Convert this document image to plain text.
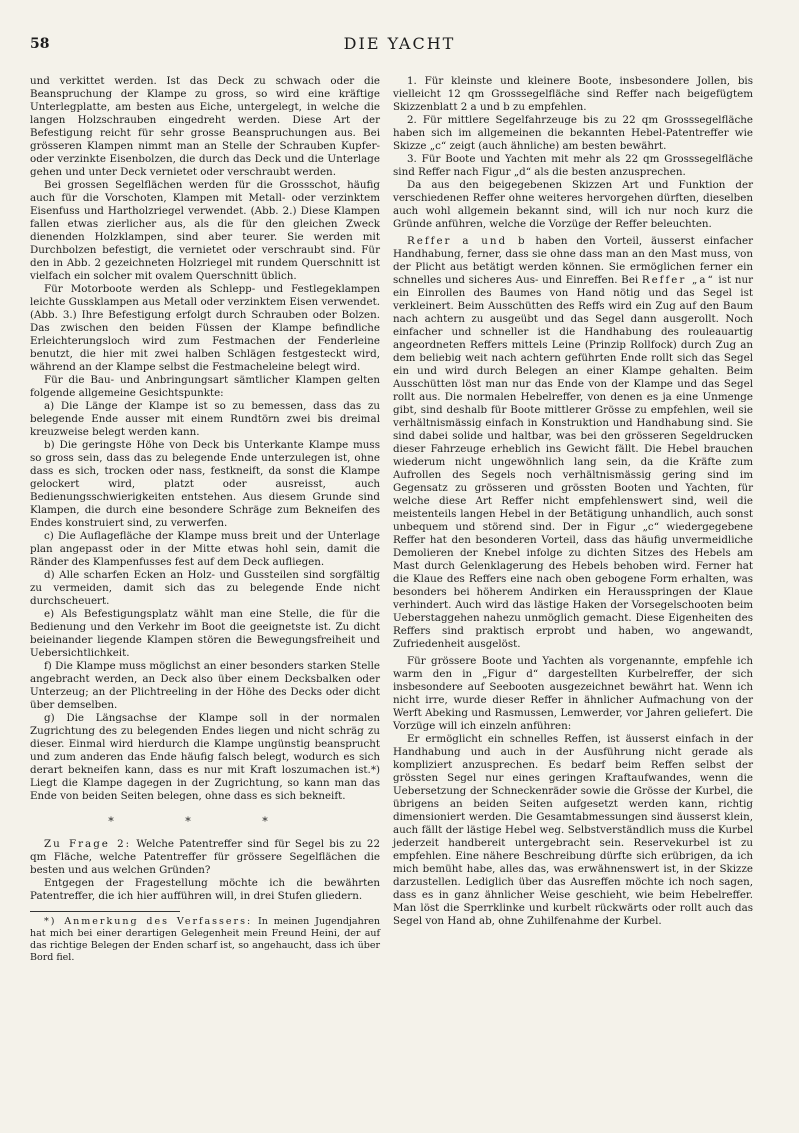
58	DIE YACHT

und verkittet werden. Ist das Deck zu schwach oder die Beanspruchung der Klampe zu gross, so wird eine kräftige Unterlegplatte, am besten aus Eiche, untergelegt, in welche die langen Holzschrauben eingedreht werden. Diese Art der Befestigung reicht für sehr grosse Beanspruchungen aus. Bei grösseren Klampen nimmt man an Stelle der Schrauben Kupfer- oder verzinkte Eisenbolzen, die durch das Deck und die Unterlage gehen und unter Deck vernietet oder verschraubt werden.

Bei grossen Segelflächen werden für die Grossschot, häufig auch für die Vorschoten, Klampen mit Metall- oder verzinktem Eisenfuss und Hartholzriegel verwendet. (Abb. 2.) Diese Klampen fallen etwas zierlicher aus, als die für den gleichen Zweck dienenden Holzklampen, sind aber teurer. Sie werden mit Durchbolzen befestigt, die vernietet oder verschraubt sind. Für den in Abb. 2 gezeichneten Holzriegel mit rundem Querschnitt ist vielfach ein solcher mit ovalem Querschnitt üblich.

Für Motorboote werden als Schlepp- und Festlegeklampen leichte Gussklampen aus Metall oder verzinktem Eisen verwendet. (Abb. 3.) Ihre Befestigung erfolgt durch Schrauben oder Bolzen. Das zwischen den beiden Füssen der Klampe befindliche Erleichterungsloch wird zum Festmachen der Fenderleine benutzt, die hier mit zwei halben Schlägen festgesteckt wird, während an der Klampe selbst die Festmacheleine belegt wird.

Für die Bau- und Anbringungsart sämtlicher Klampen gelten folgende allgemeine Gesichtspunkte:

a) Die Länge der Klampe ist so zu bemessen, dass das zu belegende Ende ausser mit einem Rundtörn zwei bis dreimal kreuzweise belegt werden kann.

b) Die geringste Höhe von Deck bis Unterkante Klampe muss so gross sein, dass das zu belegende Ende unterzulegen ist, ohne dass es sich, trocken oder nass, festkneift, da sonst die Klampe gelockert wird, platzt oder ausreisst, auch Bedienungsschwierigkeiten entstehen. Aus diesem Grunde sind Klampen, die durch eine besondere Schräge zum Bekneifen des Endes konstruiert sind, zu verwerfen.

c) Die Auflagefläche der Klampe muss breit und der Unterlage plan angepasst oder in der Mitte etwas hohl sein, damit die Ränder des Klampenfusses fest auf dem Deck aufliegen.

d) Alle scharfen Ecken an Holz- und Gussteilen sind sorgfältig zu vermeiden, damit sich das zu belegende Ende nicht durchscheuert.

e) Als Befestigungsplatz wählt man eine Stelle, die für die Bedienung und den Verkehr im Boot die geeignetste ist. Zu dicht beieinander liegende Klampen stören die Bewegungsfreiheit und Uebersichtlichkeit.

f) Die Klampe muss möglichst an einer besonders starken Stelle angebracht werden, an Deck also über einem Decksbalken oder Unterzeug; an der Plichtreeling in der Höhe des Decks oder dicht über demselben.

g) Die Längsachse der Klampe soll in der normalen Zugrichtung des zu belegenden Endes liegen und nicht schräg zu dieser. Einmal wird hierdurch die Klampe ungünstig beansprucht und zum anderen das Ende häufig falsch belegt, wodurch es sich derart bekneifen kann, dass es nur mit Kraft loszumachen ist.*) Liegt die Klampe dagegen in der Zugrichtung, so kann man das Ende von beiden Seiten belegen, ohne dass es sich bekneift.

* * *

Zu Frage 2: Welche Patentreffer sind für Segel bis zu 22 qm Fläche, welche Patentreffer für grössere Segelflächen die besten und aus welchen Gründen?

Entgegen der Fragestellung möchte ich die bewährten Patentreffer, die ich hier aufführen will, in drei Stufen gliedern.

*) Anmerkung des Verfassers: In meinen Jugendjahren hat mich bei einer derartigen Gelegenheit mein Freund Heini, der auf das richtige Belegen der Enden scharf ist, so angehaucht, dass ich über Bord fiel.

1. Für kleinste und kleinere Boote, insbesondere Jollen, bis vielleicht 12 qm Grosssegelfläche sind Reffer nach beigefügtem Skizzenblatt 2 a und b zu empfehlen.

2. Für mittlere Segelfahrzeuge bis zu 22 qm Grosssegelfläche haben sich im allgemeinen die bekannten Hebel-Patentreffer wie Skizze „c“ zeigt (auch ähnliche) am besten bewährt.

3. Für Boote und Yachten mit mehr als 22 qm Grosssegelfläche sind Reffer nach Figur „d“ als die besten anzusprechen.

Da aus den beigegebenen Skizzen Art und Funktion der verschiedenen Reffer ohne weiteres hervorgehen dürften, dieselben auch wohl allgemein bekannt sind, will ich nur noch kurz die Gründe anführen, welche die Vorzüge der Reffer beleuchten.

Reffer a und b haben den Vorteil, äusserst einfacher Handhabung, ferner, dass sie ohne dass man an den Mast muss, von der Plicht aus betätigt werden können. Sie ermöglichen ferner ein schnelles und sicheres Aus- und Einreffen. Bei Reffer „a“ ist nur ein Einrollen des Baumes von Hand nötig und das Segel ist verkleinert. Beim Ausschütten des Reffs wird ein Zug auf den Baum nach achtern zu ausgeübt und das Segel dann ausgerollt. Noch einfacher und schneller ist die Handhabung des rouleauartig angeordneten Reffers mittels Leine (Prinzip Rollfock) durch Zug an dem beliebig weit nach achtern geführten Ende rollt sich das Segel ein und wird durch Belegen an einer Klampe gehalten. Beim Ausschütten löst man nur das Ende von der Klampe und das Segel rollt aus. Die normalen Hebelreffer, von denen es ja eine Unmenge gibt, sind deshalb für Boote mittlerer Grösse zu empfehlen, weil sie verhältnismässig einfach in Konstruktion und Handhabung sind. Sie sind dabei solide und haltbar, was bei den grösseren Segeldrucken dieser Fahrzeuge erheblich ins Gewicht fällt. Die Hebel brauchen wiederum nicht ungewöhnlich lang sein, da die Kräfte zum Aufrollen des Segels noch verhältnismässig gering sind im Gegensatz zu grösseren und grössten Booten und Yachten, für welche diese Art Reffer nicht empfehlenswert sind, weil die meistenteils langen Hebel in der Betätigung unhandlich, auch sonst unbequem und störend sind. Der in Figur „c“ wiedergegebene Reffer hat den besonderen Vorteil, dass das häufig unvermeidliche Demolieren der Knebel infolge zu dichten Sitzes des Hebels am Mast durch Gelenklagerung des Hebels behoben wird. Ferner hat die Klaue des Reffers eine nach oben gebogene Form erhalten, was besonders bei höherem Andirken ein Herausspringen der Klaue verhindert. Auch wird das lästige Haken der Vorsegelschooten beim Ueberstaggehen nahezu unmöglich gemacht. Diese Eigenheiten des Reffers sind praktisch erprobt und haben, wo angewandt, Zufriedenheit ausgelöst.

Für grössere Boote und Yachten als vorgenannte, empfehle ich warm den in „Figur d“ dargestellten Kurbelreffer, der sich insbesondere auf Seebooten ausgezeichnet bewährt hat. Wenn ich nicht irre, wurde dieser Reffer in ähnlicher Aufmachung von der Werft Abeking und Rasmussen, Lemwerder, vor Jahren geliefert. Die Vorzüge will ich einzeln anführen:

Er ermöglicht ein schnelles Reffen, ist äusserst einfach in der Handhabung und auch in der Ausführung nicht gerade als kompliziert anzusprechen. Es bedarf beim Reffen selbst der grössten Segel nur eines geringen Kraftaufwandes, wenn die Uebersetzung der Schneckenräder sowie die Grösse der Kurbel, die übrigens an beiden Seiten aufgesetzt werden kann, richtig dimensioniert werden. Die Gesamtabmessungen sind äusserst klein, auch fällt der lästige Hebel weg. Selbstverständlich muss die Kurbel jederzeit handbereit untergebracht sein. Reservekurbel ist zu empfehlen. Eine nähere Beschreibung dürfte sich erübrigen, da ich mich bemüht habe, alles das, was erwähnenswert ist, in der Skizze darzustellen. Lediglich über das Ausreffen möchte ich noch sagen, dass es in ganz ähnlicher Weise geschieht, wie beim Hebelreffer. Man löst die Sperrklinke und kurbelt rückwärts oder rollt auch das Segel von Hand ab, ohne Zuhilfenahme der Kurbel.
